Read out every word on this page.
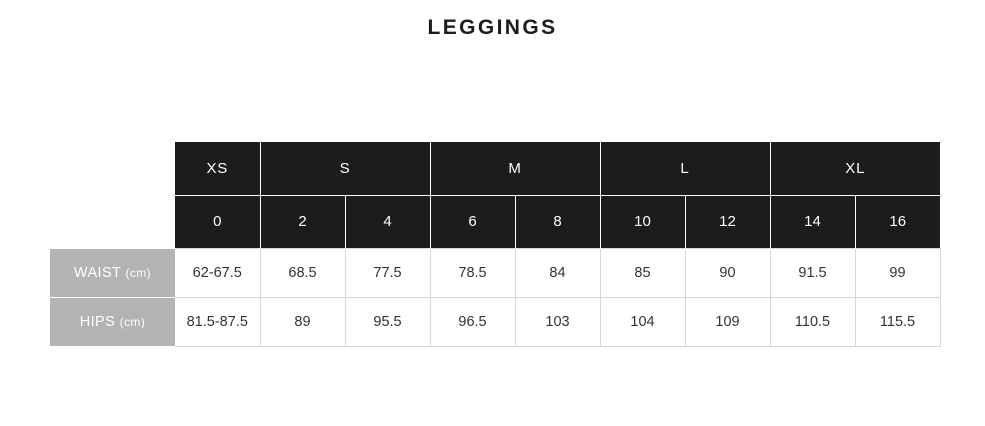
LEGGINGS
	XS	S		M		L		XL	
	0	2	4	6	8	10	12	14	16
WAIST (cm)	62-67.5	68.5	77.5	78.5	84	85	90	91.5	99
HIPS (cm)	81.5-87.5	89	95.5	96.5	103	104	109	110.5	115.5
